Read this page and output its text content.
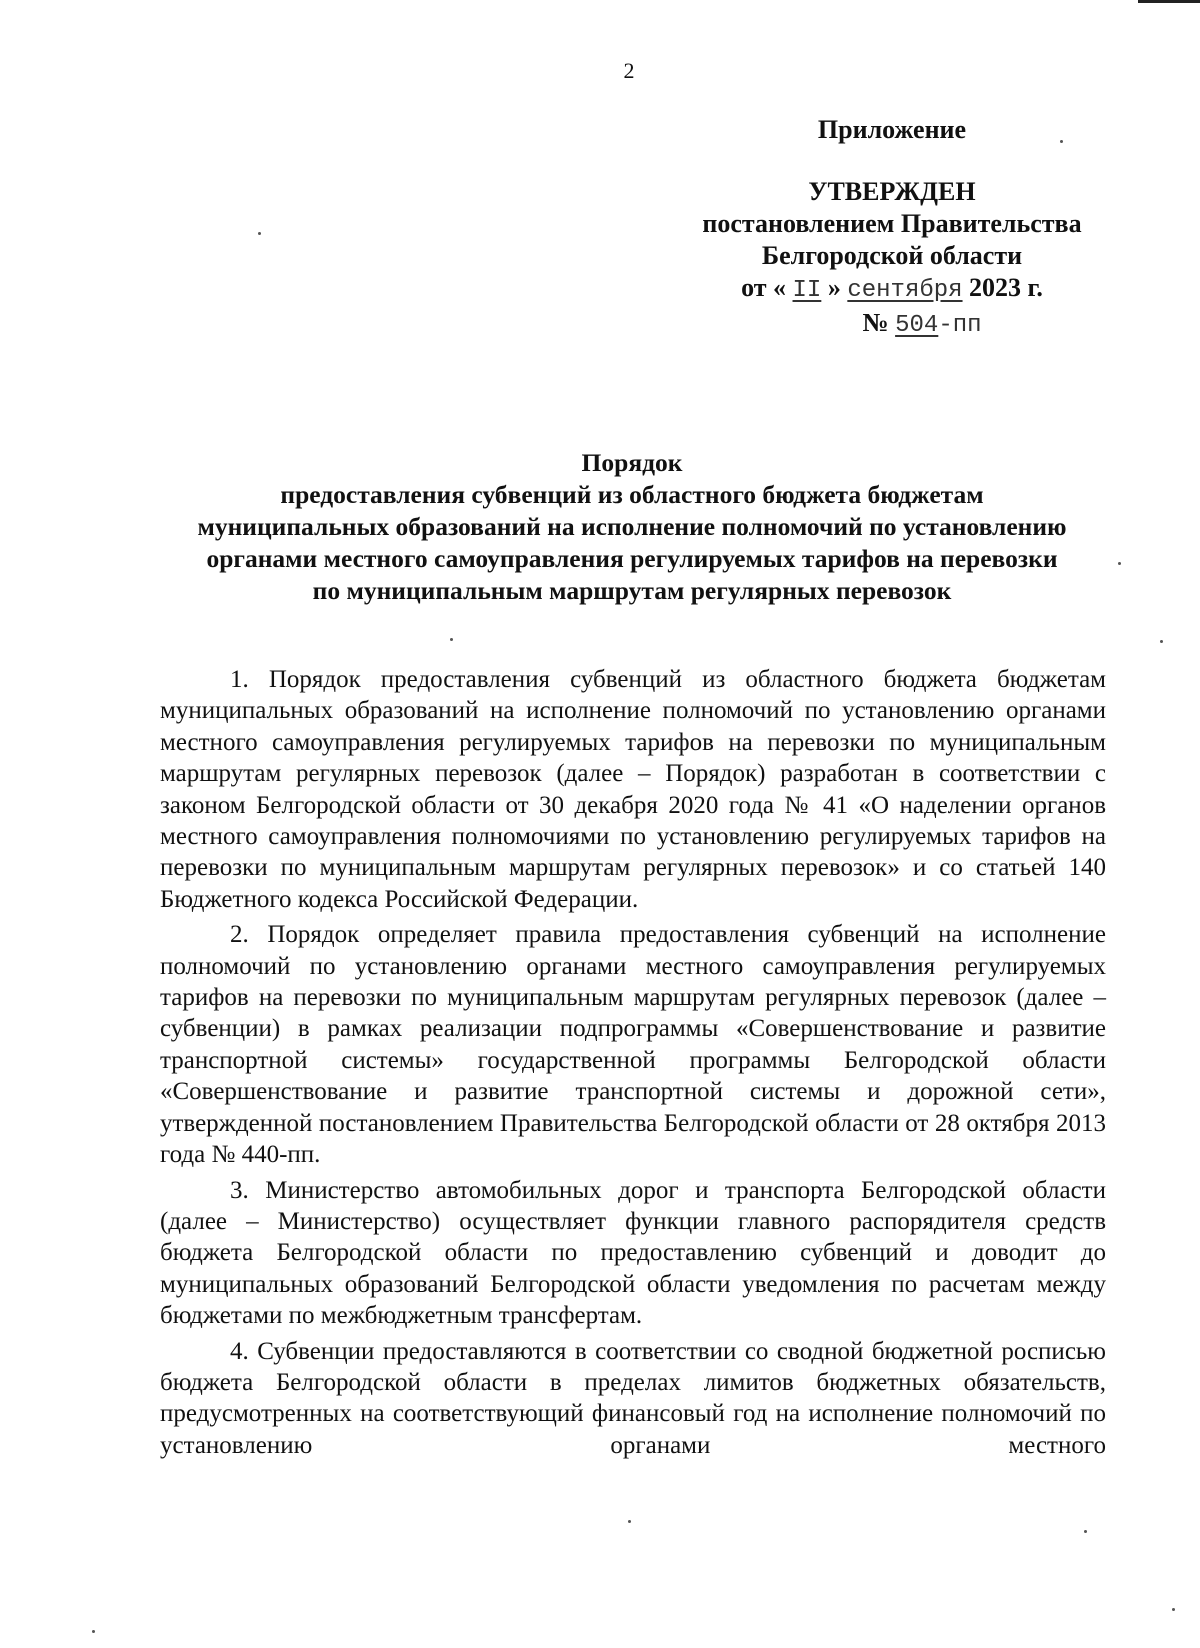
2
Приложение
УТВЕРЖДЕН
постановлением Правительства
Белгородской области
от « II » сентября 2023 г.
№ 504-пп
Порядок
предоставления субвенций из областного бюджета бюджетам
муниципальных образований на исполнение полномочий по установлению
органами местного самоуправления регулируемых тарифов на перевозки
по муниципальным маршрутам регулярных перевозок

1. Порядок предоставления субвенций из областного бюджета бюджетам муниципальных образований на исполнение полномочий по установлению органами местного самоуправления регулируемых тарифов на перевозки по муниципальным маршрутам регулярных перевозок (далее – Порядок) разработан в соответствии с законом Белгородской области от 30 декабря 2020 года № 41 «О наделении органов местного самоуправления полномочиями по установлению регулируемых тарифов на перевозки по муниципальным маршрутам регулярных перевозок» и со статьей 140 Бюджетного кодекса Российской Федерации.

2. Порядок определяет правила предоставления субвенций на исполнение полномочий по установлению органами местного самоуправления регулируемых тарифов на перевозки по муниципальным маршрутам регулярных перевозок (далее – субвенции) в рамках реализации подпрограммы «Совершенствование и развитие транспортной системы» государственной программы Белгородской области «Совершенствование и развитие транспортной системы и дорожной сети», утвержденной постановлением Правительства Белгородской области от 28 октября 2013 года № 440-пп.

3. Министерство автомобильных дорог и транспорта Белгородской области (далее – Министерство) осуществляет функции главного распорядителя средств бюджета Белгородской области по предоставлению субвенций и доводит до муниципальных образований Белгородской области уведомления по расчетам между бюджетами по межбюджетным трансфертам.

4. Субвенции предоставляются в соответствии со сводной бюджетной росписью бюджета Белгородской области в пределах лимитов бюджетных обязательств, предусмотренных на соответствующий финансовый год на исполнение полномочий по установлению органами местного
